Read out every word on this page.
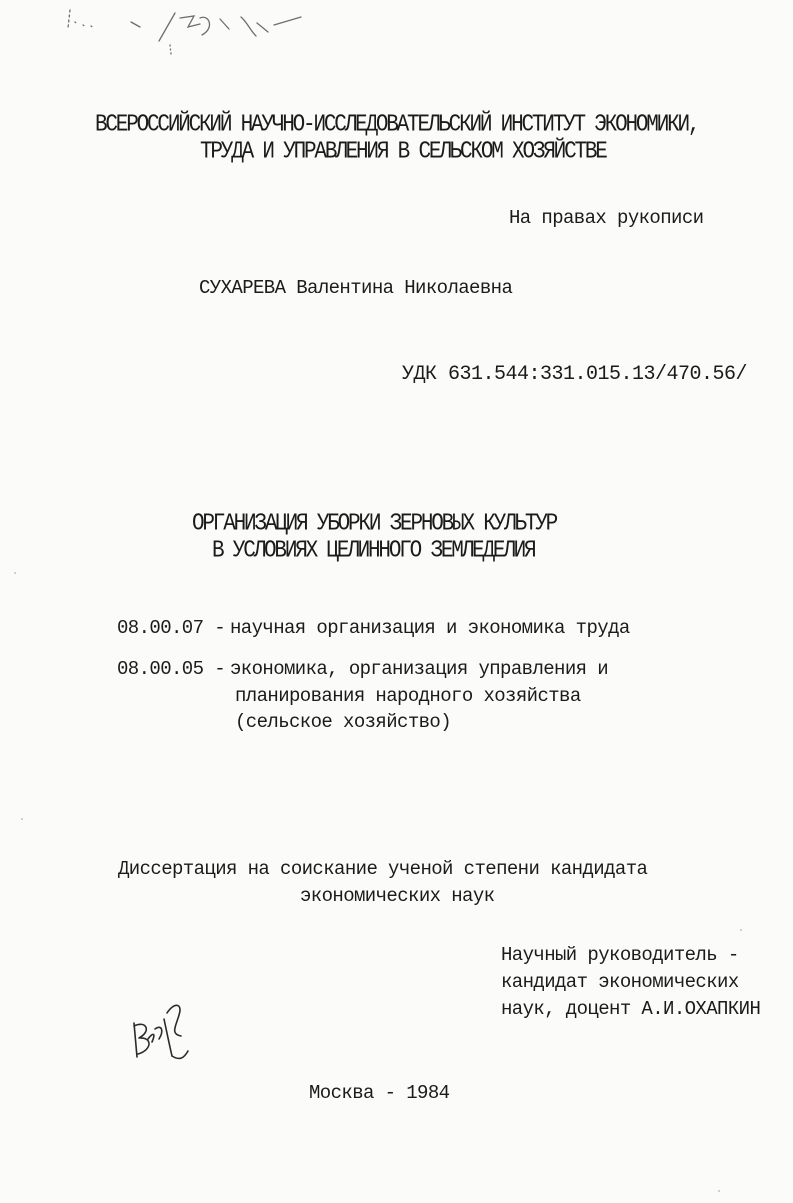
ВСЕРОССИЙСКИЙ НАУЧНО-ИССЛЕДОВАТЕЛЬСКИЙ ИНСТИТУТ ЭКОНОМИКИ,
ТРУДА И УПРАВЛЕНИЯ В СЕЛЬСКОМ ХОЗЯЙСТВЕ
На правах рукописи
СУХАРЕВА Валентина Николаевна
УДК 631.544:331.015.13/470.56/
ОРГАНИЗАЦИЯ УБОРКИ ЗЕРНОВЫХ КУЛЬТУР
В УСЛОВИЯХ ЦЕЛИННОГО ЗЕМЛЕДЕЛИЯ
08.00.07 - научная организация и экономика труда
08.00.05 - экономика, организация управления и
планирования народного хозяйства
(сельское хозяйство)
Диссертация на соискание ученой степени кандидата
экономических наук
Научный руководитель -
кандидат экономических
наук, доцент А.И.ОХАПКИН
Москва - 1984
